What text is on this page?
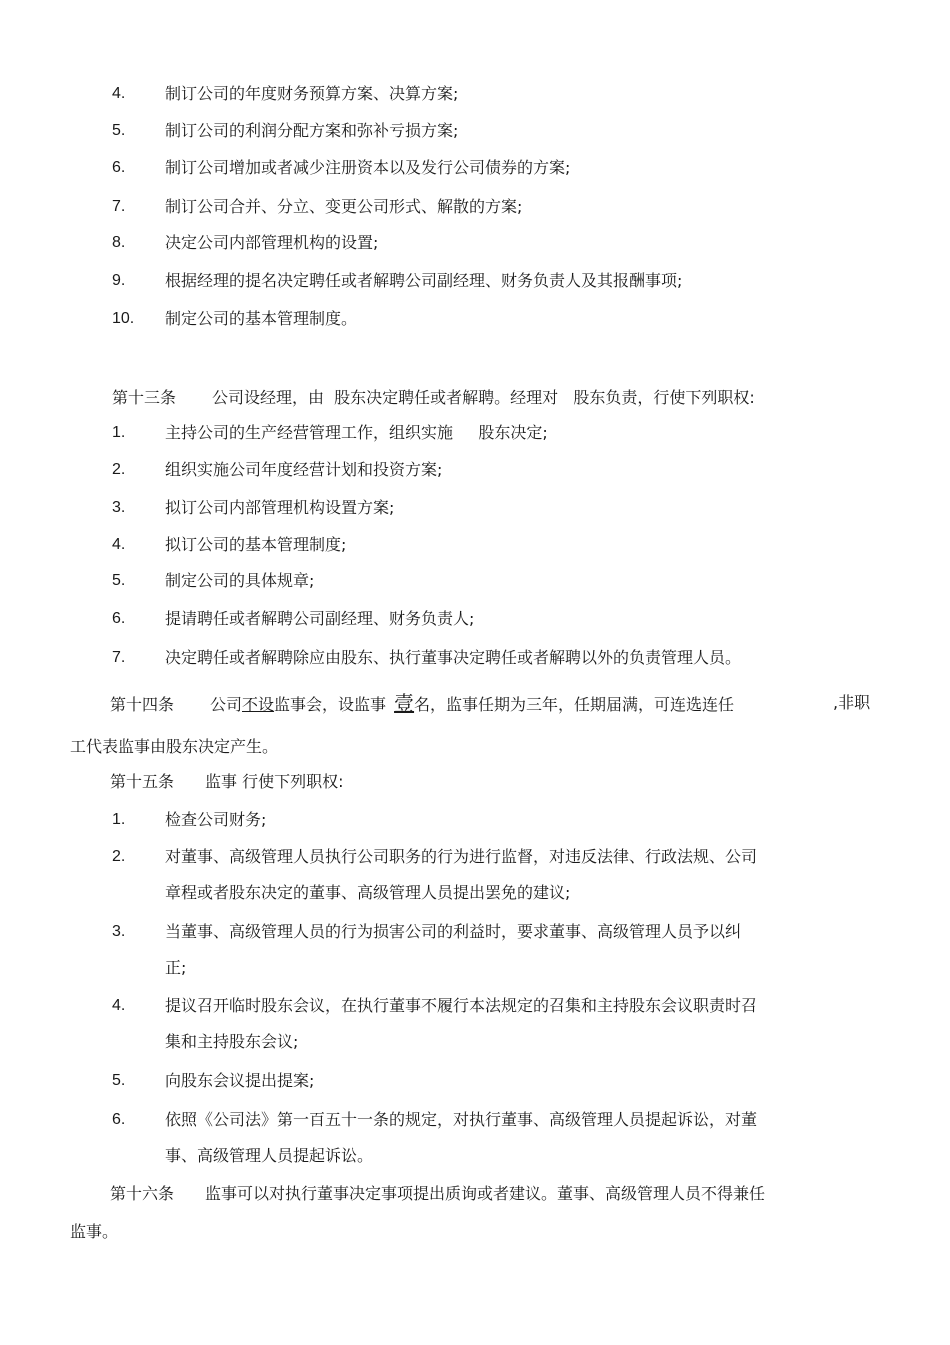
4.	制订公司的年度财务预算方案、决算方案;
5.	制订公司的利润分配方案和弥补亏损方案;
6.	制订公司增加或者减少注册资本以及发行公司债券的方案;
7.	制订公司合并、分立、变更公司形式、解散的方案;
8.	决定公司内部管理机构的设置;
9.	根据经理的提名决定聘任或者解聘公司副经理、财务负责人及其报酬事项;
10.	制定公司的基本管理制度。
第十三条 公司设经理，由  股东决定聘任或者解聘。经理对   股东负责，行使下列职权:
1.	主持公司的生产经营管理工作，组织实施     股东决定;
2.	组织实施公司年度经营计划和投资方案;
3.	拟订公司内部管理机构设置方案;
4.	拟订公司的基本管理制度;
5.	制定公司的具体规章;
6.	提请聘任或者解聘公司副经理、财务负责人;
7.	决定聘任或者解聘除应由股东、执行董事决定聘任或者解聘以外的负责管理人员。
第十四条 公司不设监事会，设监事 壹名，监事任期为三年，任期届满，可连选连任	,非职
工代表监事由股东决定产生。
第十五条 监事 行使下列职权:
1.	检查公司财务;
2.	对董事、高级管理人员执行公司职务的行为进行监督，对违反法律、行政法规、公司
章程或者股东决定的董事、高级管理人员提出罢免的建议;
3.	当董事、高级管理人员的行为损害公司的利益时，要求董事、高级管理人员予以纠
正;
4.	提议召开临时股东会议，在执行董事不履行本法规定的召集和主持股东会议职责时召
集和主持股东会议;
5.	向股东会议提出提案;
6.	依照《公司法》第一百五十一条的规定，对执行董事、高级管理人员提起诉讼，对董
事、高级管理人员提起诉讼。
第十六条 监事可以对执行董事决定事项提出质询或者建议。董事、高级管理人员不得兼任
监事。
